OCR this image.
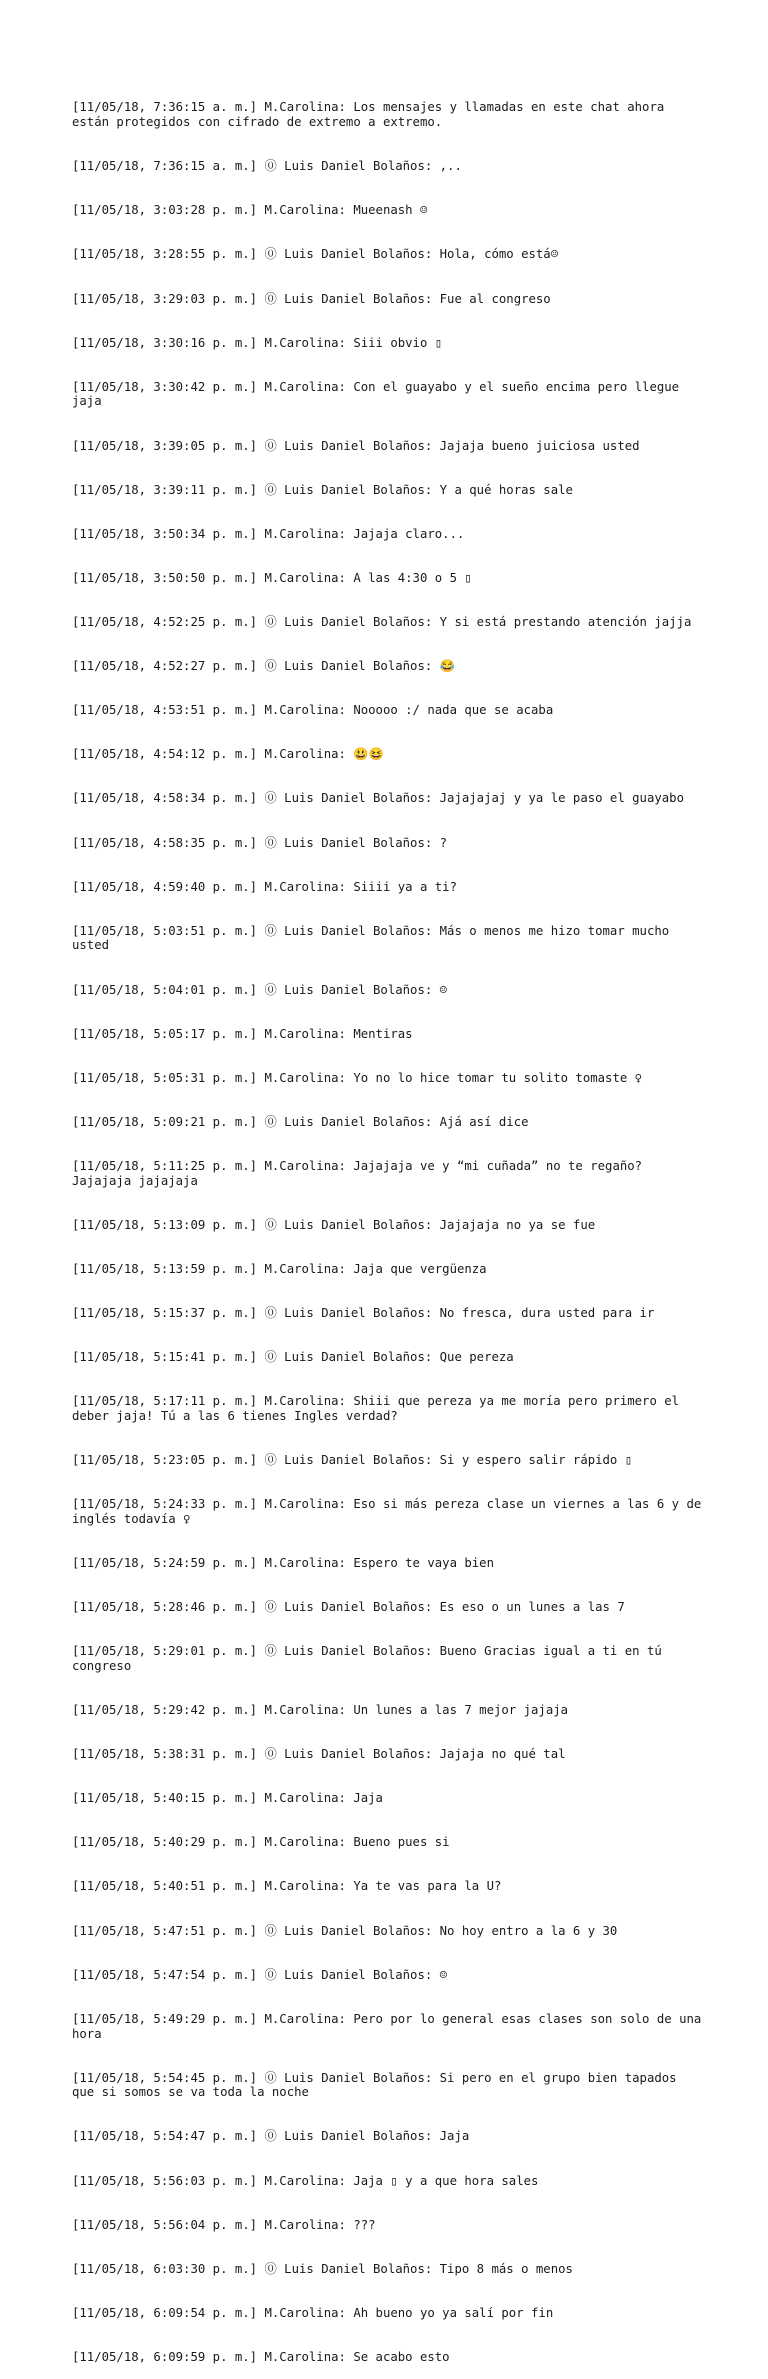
[11/05/18, 7:36:15 a. m.] M.Carolina: Los mensajes y llamadas en este chat ahora están protegidos con cifrado de extremo a extremo.

[11/05/18, 7:36:15 a. m.] ⓪ Luis Daniel Bolaños: ,..

[11/05/18, 3:03:28 p. m.] M.Carolina: Mueenash ☺

[11/05/18, 3:28:55 p. m.] ⓪ Luis Daniel Bolaños: Hola, cómo está☺

[11/05/18, 3:29:03 p. m.] ⓪ Luis Daniel Bolaños: Fue al congreso

[11/05/18, 3:30:16 p. m.] M.Carolina: Siii obvio ▯

[11/05/18, 3:30:42 p. m.] M.Carolina: Con el guayabo y el sueño encima pero llegue jaja

[11/05/18, 3:39:05 p. m.] ⓪ Luis Daniel Bolaños: Jajaja bueno juiciosa usted

[11/05/18, 3:39:11 p. m.] ⓪ Luis Daniel Bolaños: Y a qué horas sale

[11/05/18, 3:50:34 p. m.] M.Carolina: Jajaja claro...

[11/05/18, 3:50:50 p. m.] M.Carolina: A las 4:30 o 5 ▯

[11/05/18, 4:52:25 p. m.] ⓪ Luis Daniel Bolaños: Y si está prestando atención jajja

[11/05/18, 4:52:27 p. m.] ⓪ Luis Daniel Bolaños: 😂

[11/05/18, 4:53:51 p. m.] M.Carolina: Nooooo :/ nada que se acaba

[11/05/18, 4:54:12 p. m.] M.Carolina: 😃😆

[11/05/18, 4:58:34 p. m.] ⓪ Luis Daniel Bolaños: Jajajajaj y ya le paso el guayabo

[11/05/18, 4:58:35 p. m.] ⓪ Luis Daniel Bolaños: ?

[11/05/18, 4:59:40 p. m.] M.Carolina: Siiii ya a ti?

[11/05/18, 5:03:51 p. m.] ⓪ Luis Daniel Bolaños: Más o menos me hizo tomar mucho usted

[11/05/18, 5:04:01 p. m.] ⓪ Luis Daniel Bolaños: ☺

[11/05/18, 5:05:17 p. m.] M.Carolina: Mentiras

[11/05/18, 5:05:31 p. m.] M.Carolina: Yo no lo hice tomar tu solito tomaste ♀

[11/05/18, 5:09:21 p. m.] ⓪ Luis Daniel Bolaños: Ajá así dice

[11/05/18, 5:11:25 p. m.] M.Carolina: Jajajaja ve y “mi cuñada” no te regaño? Jajajaja jajajaja

[11/05/18, 5:13:09 p. m.] ⓪ Luis Daniel Bolaños: Jajajaja no ya se fue

[11/05/18, 5:13:59 p. m.] M.Carolina: Jaja que vergüenza

[11/05/18, 5:15:37 p. m.] ⓪ Luis Daniel Bolaños: No fresca, dura usted para ir

[11/05/18, 5:15:41 p. m.] ⓪ Luis Daniel Bolaños: Que pereza

[11/05/18, 5:17:11 p. m.] M.Carolina: Shiii que pereza ya me moría pero primero el deber jaja! Tú a las 6 tienes Ingles verdad?

[11/05/18, 5:23:05 p. m.] ⓪ Luis Daniel Bolaños: Si y espero salir rápido ▯

[11/05/18, 5:24:33 p. m.] M.Carolina: Eso si más pereza clase un viernes a las 6 y de inglés todavía ♀

[11/05/18, 5:24:59 p. m.] M.Carolina: Espero te vaya bien

[11/05/18, 5:28:46 p. m.] ⓪ Luis Daniel Bolaños: Es eso o un lunes a las 7

[11/05/18, 5:29:01 p. m.] ⓪ Luis Daniel Bolaños: Bueno Gracias igual a ti en tú congreso

[11/05/18, 5:29:42 p. m.] M.Carolina: Un lunes a las 7 mejor jajaja

[11/05/18, 5:38:31 p. m.] ⓪ Luis Daniel Bolaños: Jajaja no qué tal

[11/05/18, 5:40:15 p. m.] M.Carolina: Jaja

[11/05/18, 5:40:29 p. m.] M.Carolina: Bueno pues si

[11/05/18, 5:40:51 p. m.] M.Carolina: Ya te vas para la U?

[11/05/18, 5:47:51 p. m.] ⓪ Luis Daniel Bolaños: No hoy entro a la 6 y 30

[11/05/18, 5:47:54 p. m.] ⓪ Luis Daniel Bolaños: ☺

[11/05/18, 5:49:29 p. m.] M.Carolina: Pero por lo general esas clases son solo de una hora

[11/05/18, 5:54:45 p. m.] ⓪ Luis Daniel Bolaños: Si pero en el grupo bien tapados que si somos se va toda la noche

[11/05/18, 5:54:47 p. m.] ⓪ Luis Daniel Bolaños: Jaja

[11/05/18, 5:56:03 p. m.] M.Carolina: Jaja ▯ y a que hora sales

[11/05/18, 5:56:04 p. m.] M.Carolina: ???

[11/05/18, 6:03:30 p. m.] ⓪ Luis Daniel Bolaños: Tipo 8 más o menos

[11/05/18, 6:09:54 p. m.] M.Carolina: Ah bueno yo ya salí por fin

[11/05/18, 6:09:59 p. m.] M.Carolina: Se acabo esto
